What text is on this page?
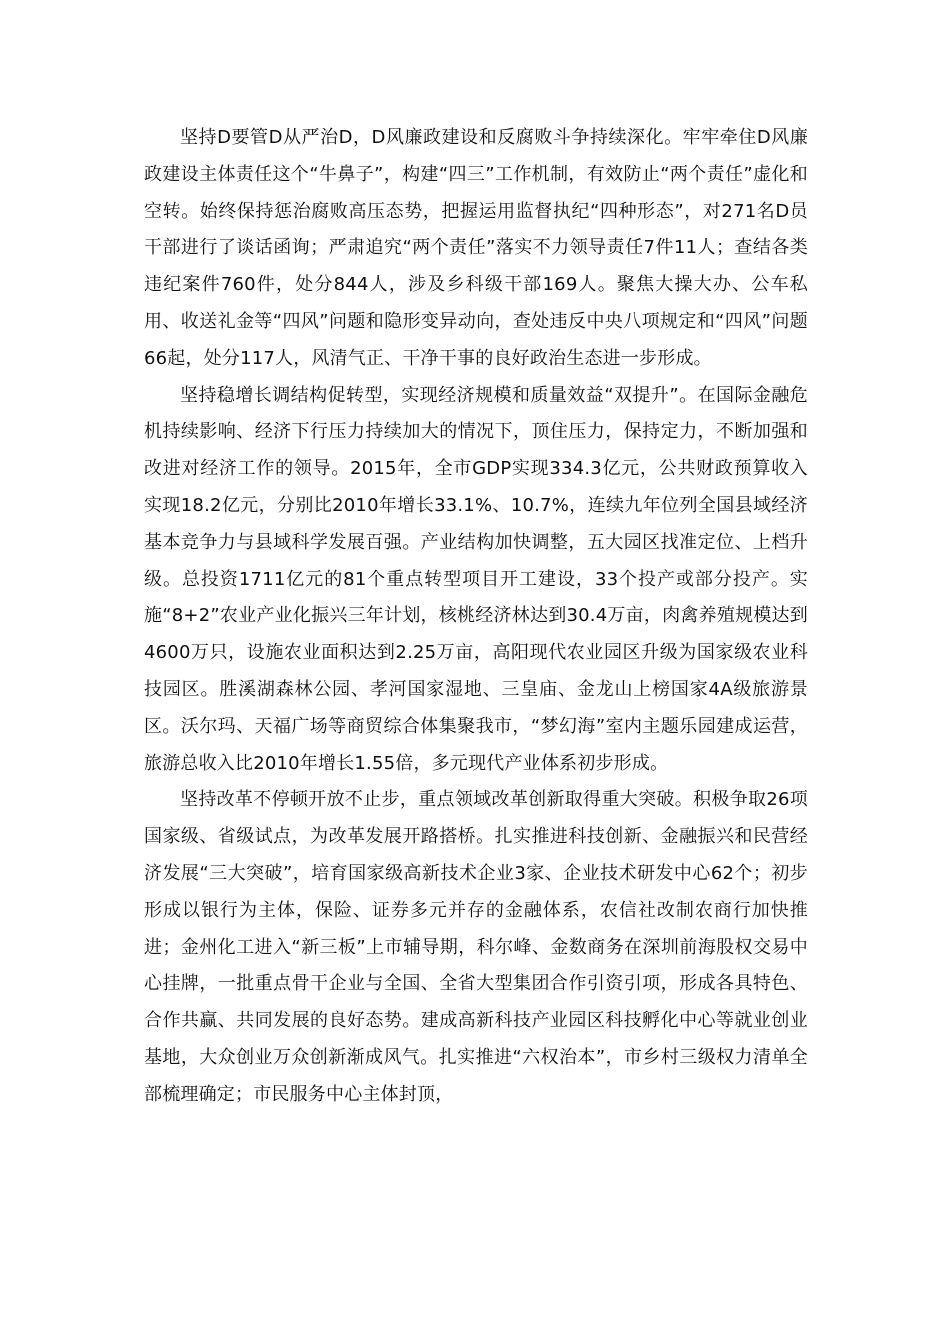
坚持D要管D从严治D，D风廉政建设和反腐败斗争持续深化。牢牢牵住D风廉政建设主体责任这个“牛鼻子”，构建“四三”工作机制，有效防止“两个责任”虚化和空转。始终保持惩治腐败高压态势，把握运用监督执纪“四种形态”，对271名D员干部进行了谈话函询；严肃追究“两个责任”落实不力领导责任7件11人；查结各类违纪案件760件，处分844人，涉及乡科级干部169人。聚焦大操大办、公车私用、收送礼金等“四风”问题和隐形变异动向，查处违反中央八项规定和“四风”问题66起，处分117人，风清气正、干净干事的良好政治生态进一步形成。

坚持稳增长调结构促转型，实现经济规模和质量效益“双提升”。在国际金融危机持续影响、经济下行压力持续加大的情况下，顶住压力，保持定力，不断加强和改进对经济工作的领导。2015年，全市GDP实现334.3亿元，公共财政预算收入实现18.2亿元，分别比2010年增长33.1%、10.7%，连续九年位列全国县域经济基本竞争力与县域科学发展百强。产业结构加快调整，五大园区找准定位、上档升级。总投资1711亿元的81个重点转型项目开工建设，33个投产或部分投产。实施“8+2”农业产业化振兴三年计划，核桃经济林达到30.4万亩，肉禽养殖规模达到4600万只，设施农业面积达到2.25万亩，高阳现代农业园区升级为国家级农业科技园区。胜溪湖森林公园、孝河国家湿地、三皇庙、金龙山上榜国家4A级旅游景区。沃尔玛、天福广场等商贸综合体集聚我市，“梦幻海”室内主题乐园建成运营，旅游总收入比2010年增长1.55倍，多元现代产业体系初步形成。

坚持改革不停顿开放不止步，重点领域改革创新取得重大突破。积极争取26项国家级、省级试点，为改革发展开路搭桥。扎实推进科技创新、金融振兴和民营经济发展“三大突破”，培育国家级高新技术企业3家、企业技术研发中心62个；初步形成以银行为主体，保险、证券多元并存的金融体系，农信社改制农商行加快推进；金州化工进入“新三板”上市辅导期，科尔峰、金数商务在深圳前海股权交易中心挂牌，一批重点骨干企业与全国、全省大型集团合作引资引项，形成各具特色、合作共赢、共同发展的良好态势。建成高新科技产业园区科技孵化中心等就业创业基地，大众创业万众创新渐成风气。扎实推进“六权治本”，市乡村三级权力清单全部梳理确定；市民服务中心主体封顶，
